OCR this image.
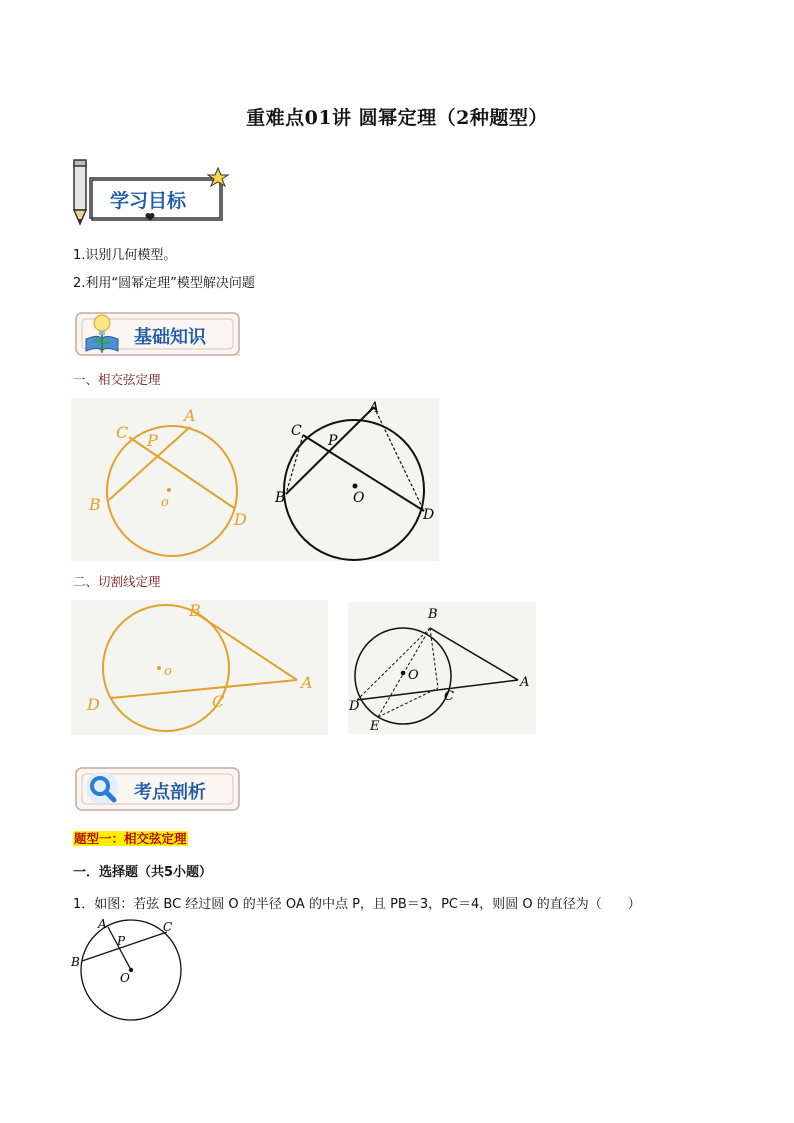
重难点01讲 圆幂定理（2种题型）
学习目标
1.识别几何模型。
2.利用“圆幂定理”模型解决问题
基础知识
一、相交弦定理
A
C P
B	o
D
A
C
P
B	O
D
二、切割线定理
B
o
A
D	C
B
O	A
D
C
E
考点剖析
题型一：相交弦定理
一．选择题（共5小题）
1．如图：若弦 BC 经过圆 O 的半径 OA 的中点 P，且 PB＝3，PC＝4，则圆 O 的直径为（　　）
A
P
C
B
O
